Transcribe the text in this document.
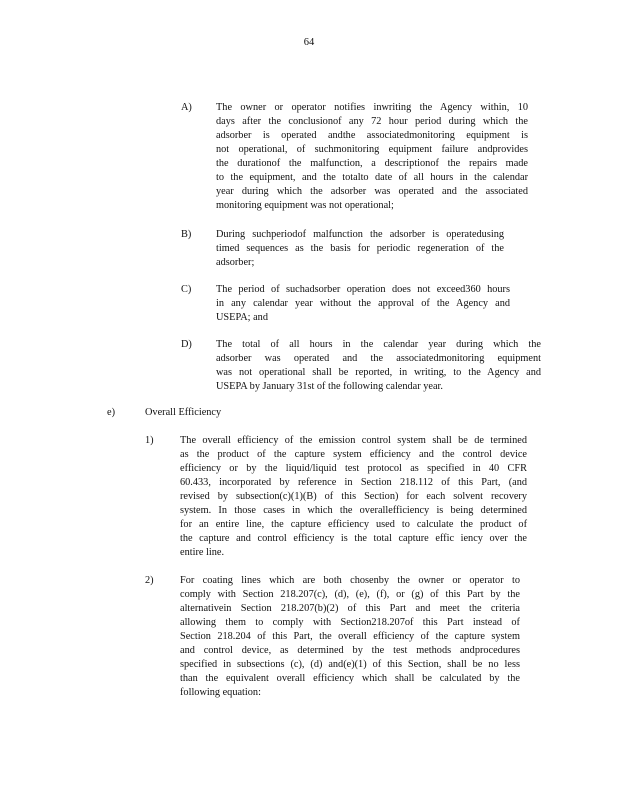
64
A) The owner or operator notifies inwriting the Agency within, 10
days after the conclusionof any 72 hour period during which the
adsorber is operated andthe associatedmonitoring equipment is
not operational, of suchmonitoring equipment failure andprovides
the durationof the malfunction, a descriptionof the repairs made
to the equipment, and the totalto date of all hours in the calendar
year during which the adsorber was operated and the associated
monitoring equipment was not operational;
B) During suchperiodof malfunction the adsorber is operatedusing
timed sequences as the basis for periodic regeneration of the
adsorber;
C) The period of suchadsorber operation does not exceed360 hours
in any calendar year without the approval of the Agency and
USEPA; and
D) The total of all hours in the calendar year during which the
adsorber was operated and the associatedmonitoring equipment
was not operational shall be reported, in writing, to the Agency and
USEPA by January 31st of the following calendar year.
e)	Overall Efficiency
1)	The overall efficiency of the emission control system shall be de termined
as the product of the capture system efficiency and the control device
efficiency or by the liquid/liquid test protocol as specified in 40 CFR
60.433, incorporated by reference in Section 218.112 of this Part, (and
revised by subsection(c)(1)(B) of this Section) for each solvent recovery
system. In those cases in which the overallefficiency is being determined
for an entire line, the capture efficiency used to calculate the product of
the capture and control efficiency is the total capture effic iency over the
entire line.
2)	For coating lines which are both chosenby the owner or operator to
comply with Section 218.207(c), (d), (e), (f), or (g) of this Part by the
alternativein Section 218.207(b)(2) of this Part and meet the criteria
allowing them to comply with Section218.207of this Part instead of
Section 218.204 of this Part, the overall efficiency of the capture system
and control device, as determined by the test methods andprocedures
specified in subsections (c), (d) and(e)(1) of this Section, shall be no less
than the equivalent overall efficiency which shall be calculated by the
following equation:
